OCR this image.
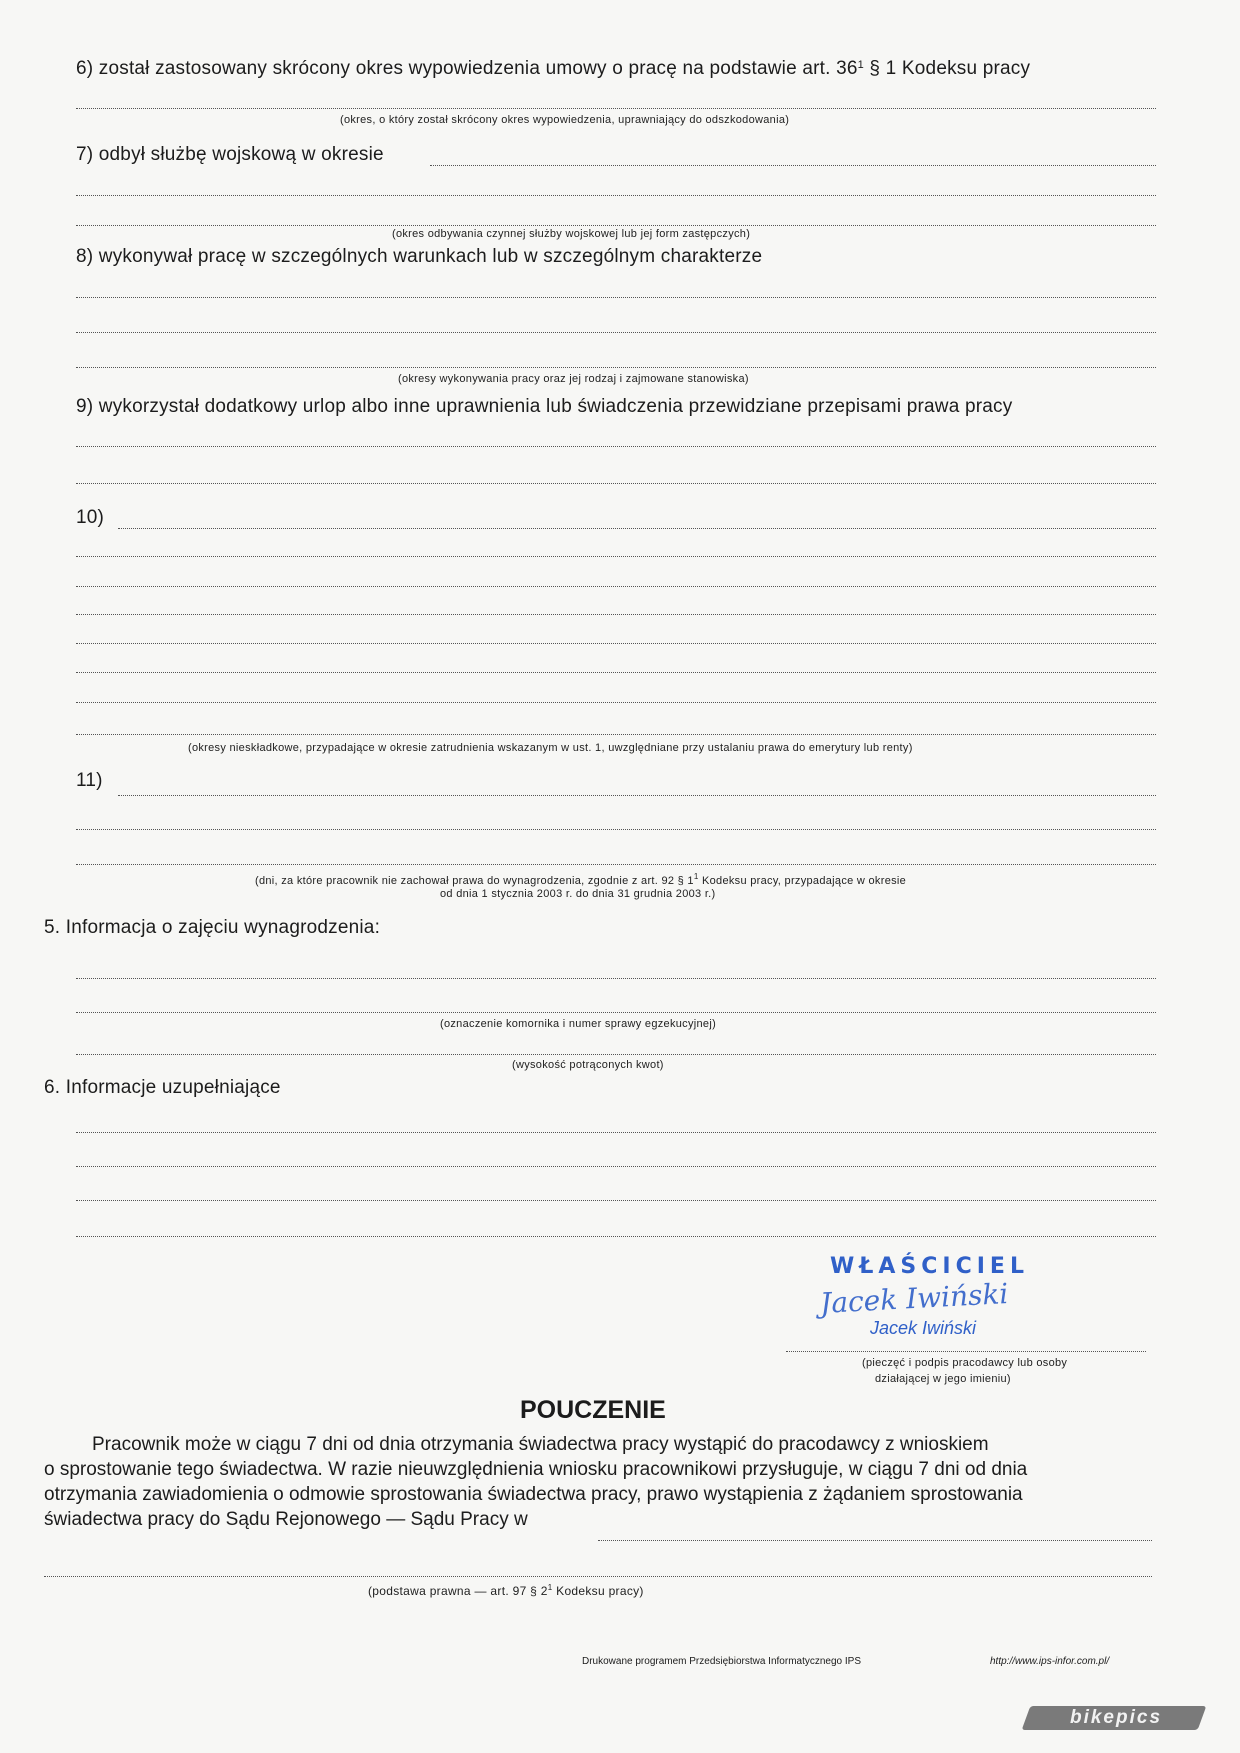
6) został zastosowany skrócony okres wypowiedzenia umowy o pracę na podstawie art. $36^1$ § 1 Kodeksu pracy
(okres, o który został skrócony okres wypowiedzenia, uprawniający do odszkodowania)
7) odbył służbę wojskową w okresie
(okres odbywania czynnej służby wojskowej lub jej form zastępczych)
8) wykonywał pracę w szczególnych warunkach lub w szczególnym charakterze
(okresy wykonywania pracy oraz jej rodzaj i zajmowane stanowiska)
9) wykorzystał dodatkowy urlop albo inne uprawnienia lub świadczenia przewidziane przepisami prawa pracy
10)
(okresy nieskładkowe, przypadające w okresie zatrudnienia wskazanym w ust. 1, uwzględniane przy ustalaniu prawa do emerytury lub renty)
11)
(dni, za które pracownik nie zachował prawa do wynagrodzenia, zgodnie z art. 92 § $1^1$ Kodeksu pracy, przypadające w okresie
od dnia 1 stycznia 2003 r. do dnia 31 grudnia 2003 r.)
5. Informacja o zajęciu wynagrodzenia:
(oznaczenie komornika i numer sprawy egzekucyjnej)
(wysokość potrąconych kwot)
6. Informacje uzupełniające
WŁAŚCICIEL
Jacek Iwiński
Jacek Iwiński
(pieczęć i podpis pracodawcy lub osoby
działającej w jego imieniu)
POUCZENIE
Pracownik może w ciągu 7 dni od dnia otrzymania świadectwa pracy wystąpić do pracodawcy z wnioskiem
o sprostowanie tego świadectwa. W razie nieuwzględnienia wniosku pracownikowi przysługuje, w ciągu 7 dni od dnia
otrzymania zawiadomienia o odmowie sprostowania świadectwa pracy, prawo wystąpienia z żądaniem sprostowania
świadectwa pracy do Sądu Rejonowego — Sądu Pracy w
(podstawa prawna — art. 97 § $2^1$ Kodeksu pracy)
Drukowane programem Przedsiębiorstwa Informatycznego IPS	http://www.ips-infor.com.pl/
bikepics
